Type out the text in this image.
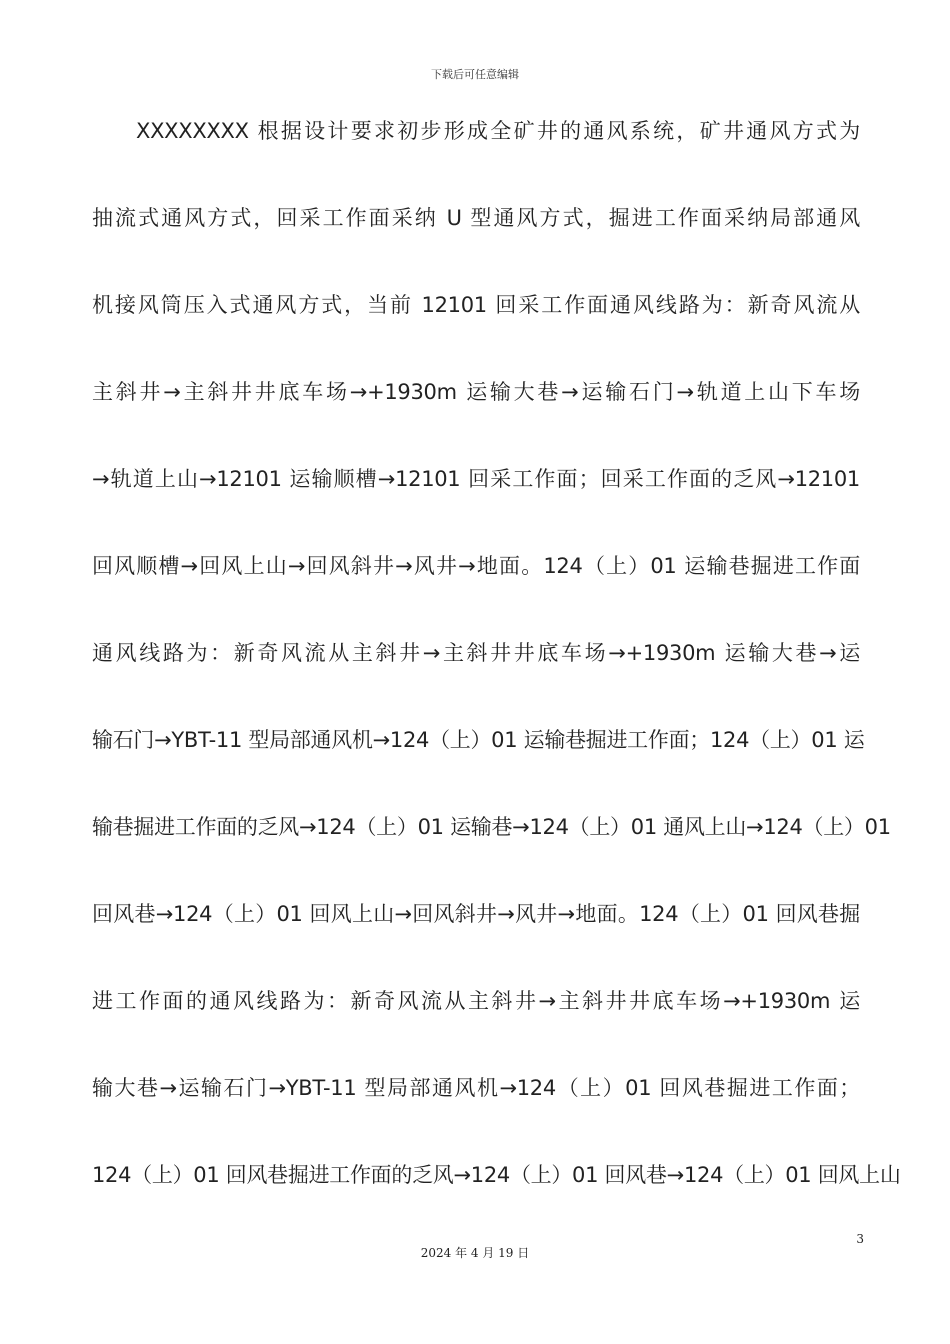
下载后可任意编辑
XXXXXXXX 根据设计要求初步形成全矿井的通风系统，矿井通风方式为
抽流式通风方式，回采工作面采纳 U 型通风方式，掘进工作面采纳局部通风
机接风筒压入式通风方式，当前 12101 回采工作面通风线路为：新奇风流从
主斜井→主斜井井底车场→+1930m 运输大巷→运输石门→轨道上山下车场
→轨道上山→12101 运输顺槽→12101 回采工作面；回采工作面的乏风→12101
回风顺槽→回风上山→回风斜井→风井→地面。124（上）01 运输巷掘进工作面
通风线路为：新奇风流从主斜井→主斜井井底车场→+1930m 运输大巷→运
输石门→YBT-11 型局部通风机→124（上）01 运输巷掘进工作面；124（上）01 运
输巷掘进工作面的乏风→124（上）01 运输巷→124（上）01 通风上山→124（上）01
回风巷→124（上）01 回风上山→回风斜井→风井→地面。124（上）01 回风巷掘
进工作面的通风线路为：新奇风流从主斜井→主斜井井底车场→+1930m 运
输大巷→运输石门→YBT-11 型局部通风机→124（上）01 回风巷掘进工作面；
124（上）01 回风巷掘进工作面的乏风→124（上）01 回风巷→124（上）01 回风上山
3
2024 年 4 月 19 日
